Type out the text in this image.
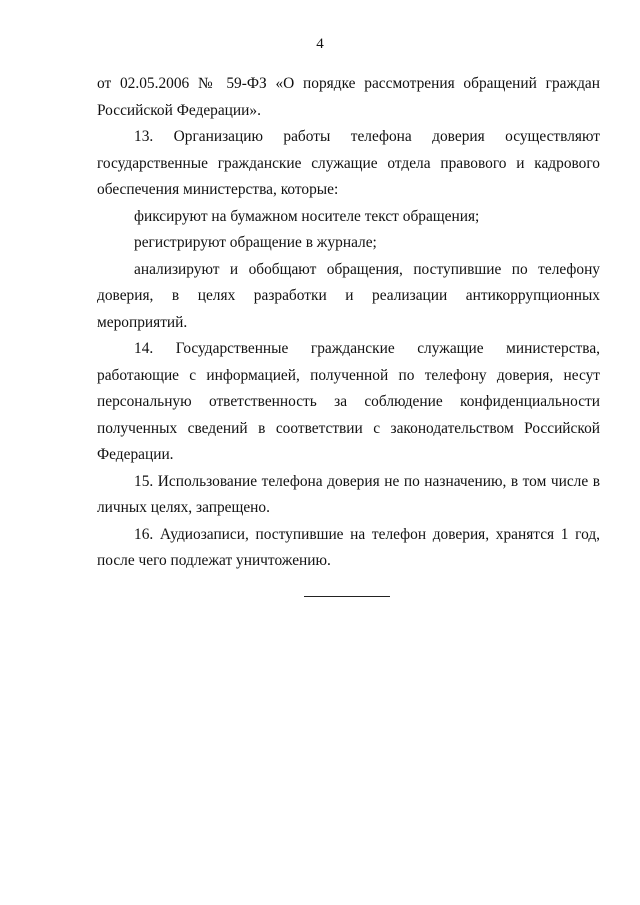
4

от 02.05.2006 № 59-ФЗ «О порядке рассмотрения обращений граждан Российской Федерации».

13. Организацию работы телефона доверия осуществляют государственные гражданские служащие отдела правового и кадрового обеспечения министерства, которые:

фиксируют на бумажном носителе текст обращения;

регистрируют обращение в журнале;

анализируют и обобщают обращения, поступившие по телефону доверия, в целях разработки и реализации антикоррупционных мероприятий.

14. Государственные гражданские служащие министерства, работающие с информацией, полученной по телефону доверия, несут персональную ответственность за соблюдение конфиденциальности полученных сведений в соответствии с законодательством Российской Федерации.

15. Использование телефона доверия не по назначению, в том числе в личных целях, запрещено.

16. Аудиозаписи, поступившие на телефон доверия, хранятся 1 год, после чего подлежат уничтожению.
